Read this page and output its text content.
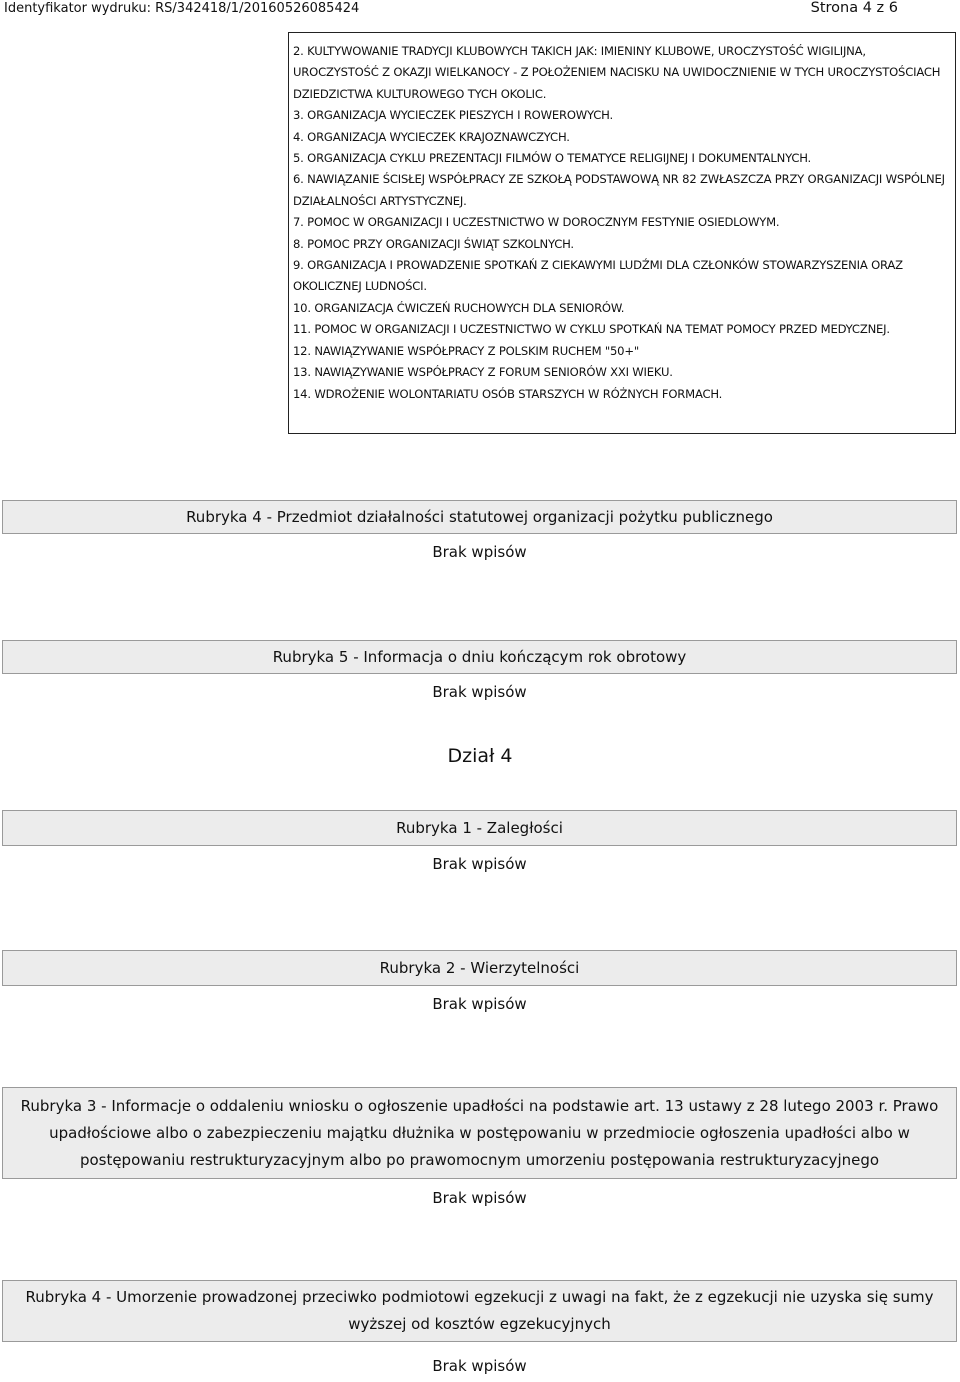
Identyfikator wydruku: RS/342418/1/20160526085424	Strona 4 z 6

2. KULTYWOWANIE TRADYCJI KLUBOWYCH TAKICH JAK: IMIENINY KLUBOWE, UROCZYSTOŚĆ WIGILIJNA, UROCZYSTOŚĆ Z OKAZJI WIELKANOCY - Z POŁOŻENIEM NACISKU NA UWIDOCZNIENIE W TYCH UROCZYSTOŚCIACH DZIEDZICTWA KULTUROWEGO TYCH OKOLIC.

3. ORGANIZACJA WYCIECZEK PIESZYCH I ROWEROWYCH.

4. ORGANIZACJA WYCIECZEK KRAJOZNAWCZYCH.

5. ORGANIZACJA CYKLU PREZENTACJI FILMÓW O TEMATYCE RELIGIJNEJ I DOKUMENTALNYCH.

6. NAWIĄZANIE ŚCISŁEJ WSPÓŁPRACY ZE SZKOŁĄ PODSTAWOWĄ NR 82 ZWŁASZCZA PRZY ORGANIZACJI WSPÓLNEJ DZIAŁALNOŚCI ARTYSTYCZNEJ.

7. POMOC W ORGANIZACJI I UCZESTNICTWO W DOROCZNYM FESTYNIE OSIEDLOWYM.

8. POMOC PRZY ORGANIZACJI ŚWIĄT SZKOLNYCH.

9. ORGANIZACJA I PROWADZENIE SPOTKAŃ Z CIEKAWYMI LUDŹMI DLA CZŁONKÓW STOWARZYSZENIA ORAZ OKOLICZNEJ LUDNOŚCI.

10. ORGANIZACJA ĆWICZEŃ RUCHOWYCH DLA SENIORÓW.

11. POMOC W ORGANIZACJI I UCZESTNICTWO W CYKLU SPOTKAŃ NA TEMAT POMOCY PRZED MEDYCZNEJ.

12. NAWIĄZYWANIE WSPÓŁPRACY Z POLSKIM RUCHEM "50+"

13. NAWIĄZYWANIE WSPÓŁPRACY Z FORUM SENIORÓW XXI WIEKU.

14. WDROŻENIE WOLONTARIATU OSÓB STARSZYCH W RÓŻNYCH FORMACH.

Rubryka 4 - Przedmiot działalności statutowej organizacji pożytku publicznego
Brak wpisów
Rubryka 5 - Informacja o dniu kończącym rok obrotowy
Brak wpisów
Dział 4
Rubryka 1 - Zaległości
Brak wpisów
Rubryka 2 - Wierzytelności
Brak wpisów
Rubryka 3 - Informacje o oddaleniu wniosku o ogłoszenie upadłości na podstawie art. 13 ustawy z 28 lutego 2003 r. Prawo upadłościowe albo o zabezpieczeniu majątku dłużnika w postępowaniu w przedmiocie ogłoszenia upadłości albo w postępowaniu restrukturyzacyjnym albo po prawomocnym umorzeniu postępowania restrukturyzacyjnego
Brak wpisów
Rubryka 4 - Umorzenie prowadzonej przeciwko podmiotowi egzekucji z uwagi na fakt, że z egzekucji nie uzyska się sumy wyższej od kosztów egzekucyjnych
Brak wpisów
